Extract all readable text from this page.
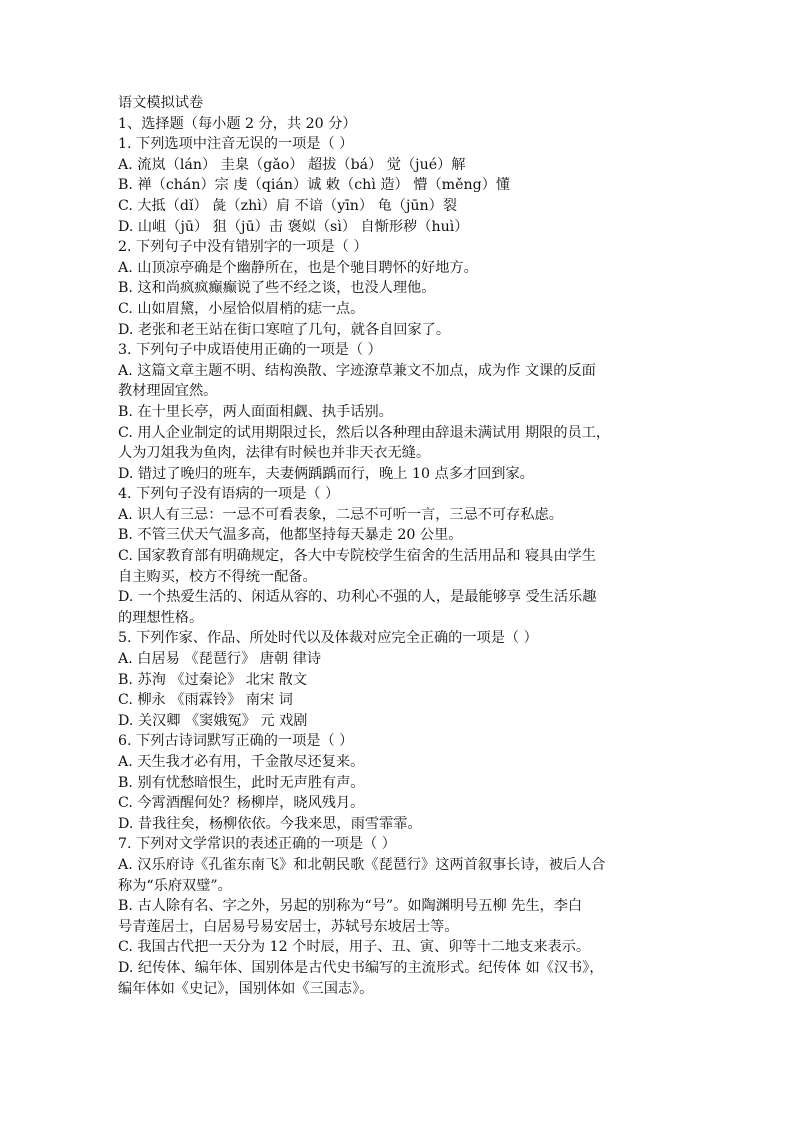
语文模拟试卷
1、选择题（每小题 2 分，共 20 分）
1. 下列选项中注音无误的一项是（ ）
A. 流岚（lán） 圭臬（gǎo） 超拔（bá） 觉（jué）解
B. 禅（chán）宗 虔（qián）诚 敕（chì 造） 懵（měng）懂
C. 大抵（dǐ） 彘（zhì）肩 不谙（yīn） 龟（jūn）裂
D. 山岨（jū） 狙（jū）击 褒姒（sì） 自惭形秽（huì）
2. 下列句子中没有错别字的一项是（ ）
A. 山顶凉亭确是个幽静所在，也是个驰目聘怀的好地方。
B. 这和尚疯疯癫癫说了些不经之谈，也没人理他。
C. 山如眉黛，小屋恰似眉梢的痣一点。
D. 老张和老王站在街口寒喧了几句，就各自回家了。
3. 下列句子中成语使用正确的一项是（ ）
A. 这篇文章主题不明、结构涣散、字迹潦草兼文不加点，成为作 文课的反面
教材理固宜然。
B. 在十里长亭，两人面面相觑、执手话别。
C. 用人企业制定的试用期限过长，然后以各种理由辞退未满试用 期限的员工，
人为刀俎我为鱼肉，法律有时候也并非天衣无缝。
D. 错过了晚归的班车，夫妻俩踽踽而行，晚上 10 点多才回到家。
4. 下列句子没有语病的一项是（ ）
A. 识人有三忌：一忌不可看表象，二忌不可听一言，三忌不可存私虑。
B. 不管三伏天气温多高，他都坚持每天暴走 20 公里。
C. 国家教育部有明确规定，各大中专院校学生宿舍的生活用品和 寝具由学生
自主购买，校方不得统一配备。
D. 一个热爱生活的、闲适从容的、功利心不强的人，是最能够享 受生活乐趣
的理想性格。
5. 下列作家、作品、所处时代以及体裁对应完全正确的一项是（ ）
A. 白居易 《琵琶行》 唐朝 律诗
B. 苏洵 《过秦论》 北宋 散文
C. 柳永 《雨霖铃》 南宋 词
D. 关汉卿 《窦娥冤》 元 戏剧
6. 下列古诗词默写正确的一项是（ ）
A. 天生我才必有用，千金散尽还复来。
B. 别有忧愁暗恨生，此时无声胜有声。
C. 今霄酒醒何处？杨柳岸，晓风残月。
D. 昔我往矣，杨柳依依。今我来思，雨雪霏霏。
7. 下列对文学常识的表述正确的一项是（ ）
A. 汉乐府诗《孔雀东南飞》和北朝民歌《琵琶行》这两首叙事长诗，被后人合
称为“乐府双璧”。
B. 古人除有名、字之外，另起的别称为“号”。如陶渊明号五柳 先生，李白
号青莲居士，白居易号易安居士，苏轼号东坡居士等。
C. 我国古代把一天分为 12 个时辰，用子、丑、寅、卯等十二地支来表示。
D. 纪传体、编年体、国别体是古代史书编写的主流形式。纪传体 如《汉书》，
编年体如《史记》，国别体如《三国志》。
